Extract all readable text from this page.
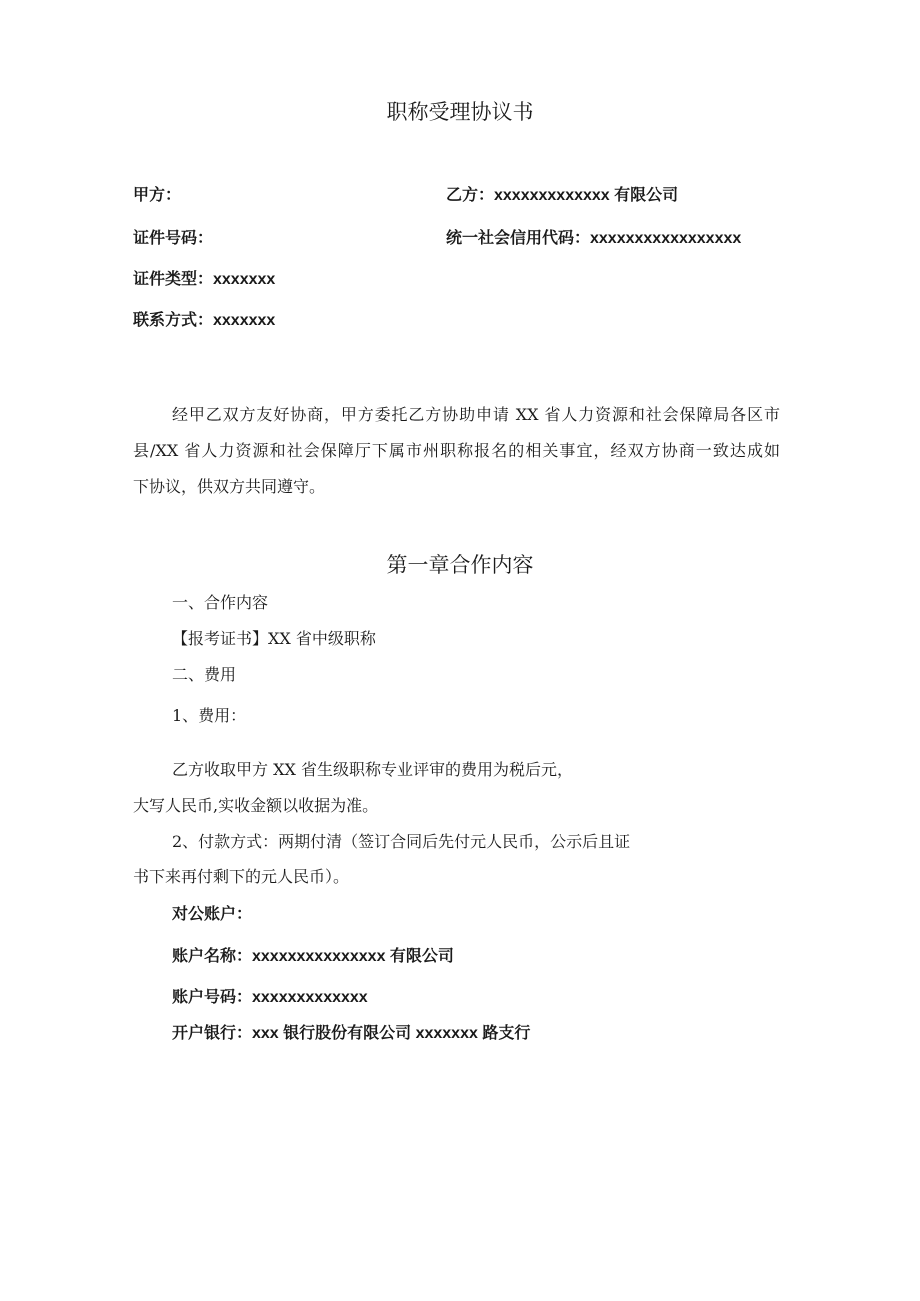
职称受理协议书
甲方：	乙方：xxxxxxxxxxxxx 有限公司
证件号码：	统一社会信用代码：xxxxxxxxxxxxxxxxx
证件类型：xxxxxxx
联系方式：xxxxxxx
经甲乙双方友好协商，甲方委托乙方协助申请 XX 省人力资源和社会保障局各区市
县/XX 省人力资源和社会保障厅下属市州职称报名的相关事宜，经双方协商一致达成如
下协议，供双方共同遵守。
第一章合作内容
一、合作内容
【报考证书】XX 省中级职称
二、费用
1、费用：
乙方收取甲方 XX 省生级职称专业评审的费用为税后元，
大写人民币,实收金额以收据为准。
2、付款方式：两期付清（签订合同后先付元人民币，公示后且证
书下来再付剩下的元人民币）。
对公账户：
账户名称：xxxxxxxxxxxxxxx 有限公司
账户号码：xxxxxxxxxxxxx
开户银行：xxx 银行股份有限公司 xxxxxxx 路支行
